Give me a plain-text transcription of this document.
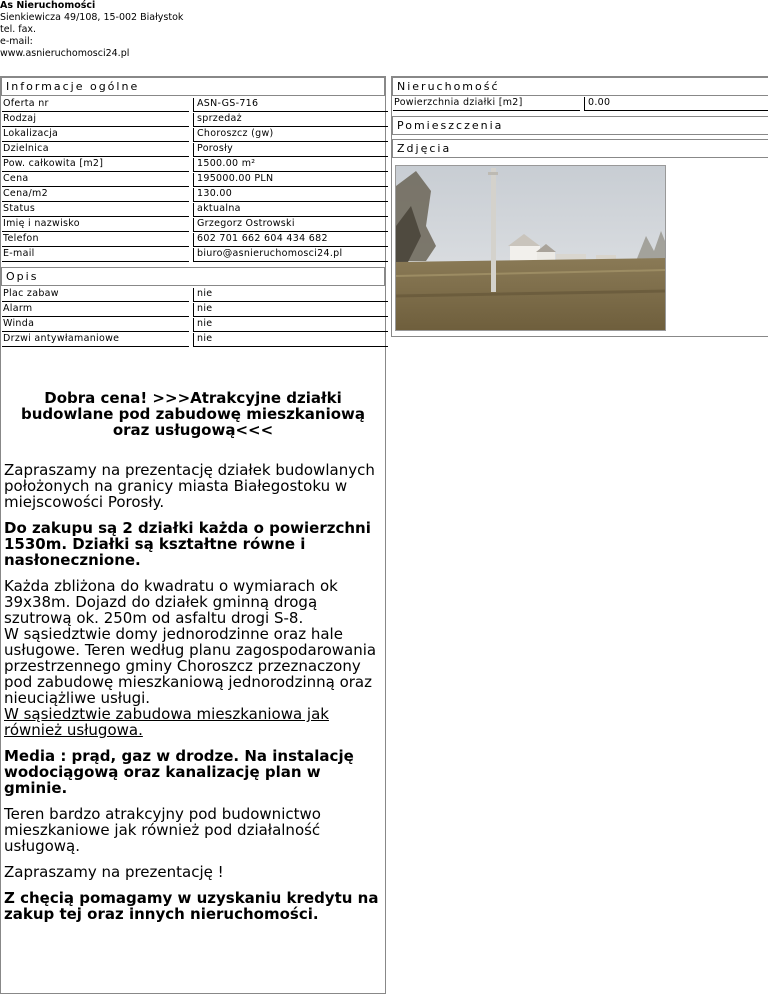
As Nieruchomości
Sienkiewicza 49/108, 15-002 Białystok
tel. fax.
e-mail:
www.asnieruchomosci24.pl
Informacje ogólne
Oferta nr	ASN-GS-716
Rodzaj	sprzedaż
Lokalizacja	Choroszcz (gw)
Dzielnica	Porosły
Pow. całkowita [m2]	1500.00 m²
Cena	195000.00 PLN
Cena/m2	130.00
Status	aktualna
Imię i nazwisko	Grzegorz Ostrowski
Telefon	602 701 662 604 434 682
E-mail	biuro@asnieruchomosci24.pl
Opis
Plac zabaw	nie
Alarm	nie
Winda	nie
Drzwi antywłamaniowe	nie

Dobra cena! >>>Atrakcyjne działki budowlane pod zabudowę mieszkaniową oraz usługową<<<

Zapraszamy na prezentację działek budowlanych położonych na granicy miasta Białegostoku w miejscowości Porosły.

Do zakupu są 2 działki każda o powierzchni 1530m. Działki są kształtne równe i nasłonecznione.

Każda zbliżona do kwadratu o wymiarach ok 39x38m. Dojazd do działek gminną drogą szutrową ok. 250m od asfaltu drogi S-8.

W sąsiedztwie domy jednorodzinne oraz hale usługowe. Teren według planu zagospodarowania przestrzennego gminy Choroszcz przeznaczony pod zabudowę mieszkaniową jednorodzinną oraz nieuciążliwe usługi.

W sąsiedztwie zabudowa mieszkaniowa jak również usługowa.

Media : prąd, gaz w drodze. Na instalację wodociągową oraz kanalizację plan w gminie.

Teren bardzo atrakcyjny pod budownictwo mieszkaniowe jak również pod działalność usługową.

Zapraszamy na prezentację !

Z chęcią pomagamy w uzyskaniu kredytu na zakup tej oraz innych nieruchomości.

Nieruchomość
Powierzchnia działki [m2]	0.00
Pomieszczenia
Zdjęcia
